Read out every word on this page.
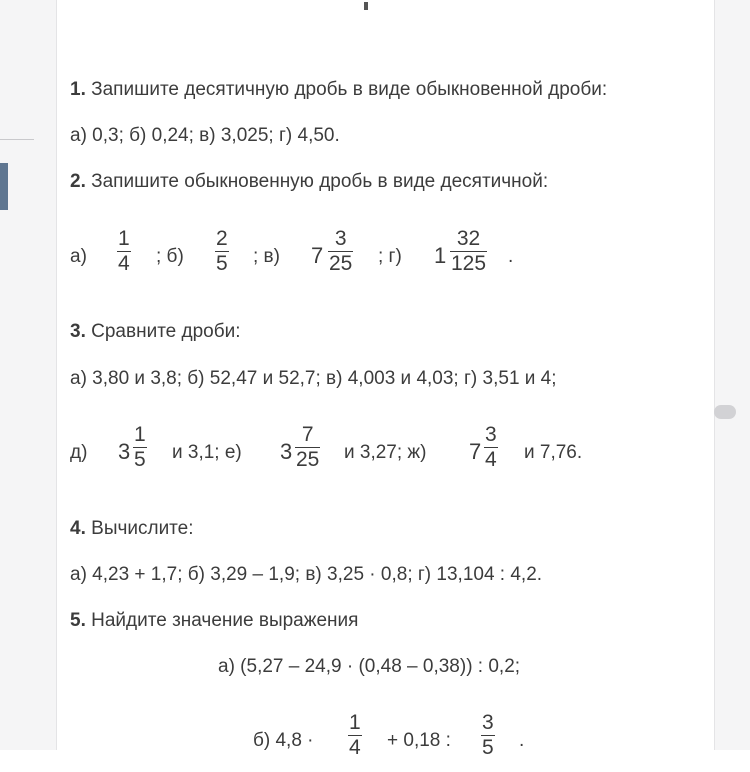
1. Запишите десятичную дробь в виде обыкновенной дроби:
а) 0,3; б) 0,24; в) 3,025; г) 4,50.
2. Запишите обыкновенную дробь в виде десятичной:
а)
1
4 ; б)
2
5 ; в) 7
3
25 ; г) 1
32
125 .
3. Сравните дроби:
а) 3,80 и 3,8; б) 52,47 и 52,7; в) 4,003 и 4,03; г) 3,51 и 4;
д) 3
1
5 и 3,1; е) 3
7
25 и 3,27; ж) 7
3
4 и 7,76.
4. Вычислите:
а) 4,23 + 1,7; б) 3,29 – 1,9; в) 3,25 · 0,8; г) 13,104 : 4,2.
5. Найдите значение выражения
а) (5,27 – 24,9 · (0,48 – 0,38)) : 0,2;
б) 4,8 ·
1
4 + 0,18 :
3
5 .
